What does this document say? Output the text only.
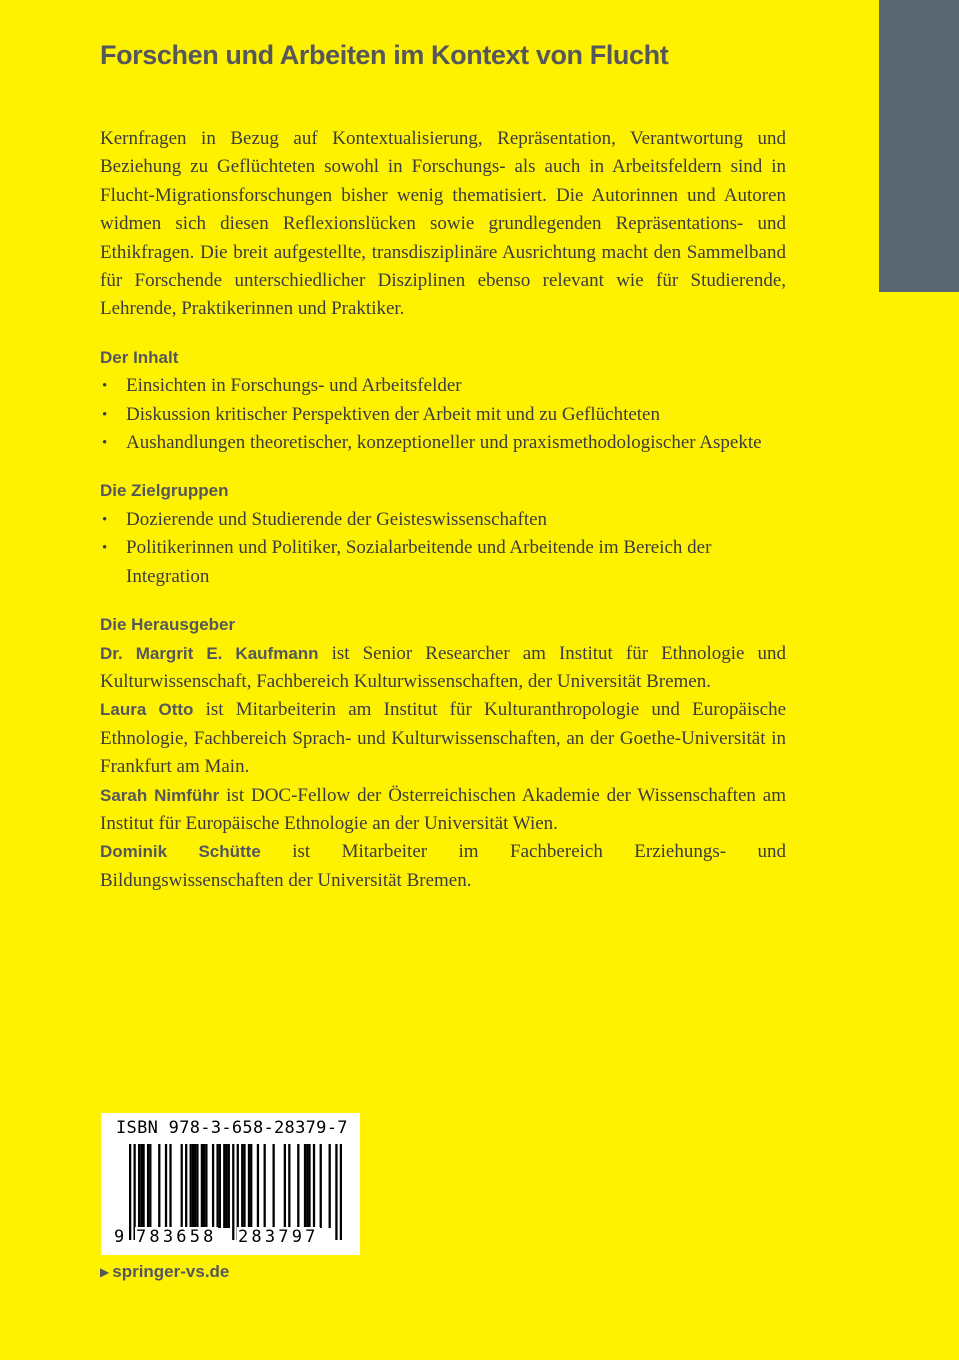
Forschen und Arbeiten im Kontext von Flucht

Kernfragen in Bezug auf Kontextualisierung, Repräsentation, Verantwortung und Beziehung zu Geflüchteten sowohl in Forschungs- als auch in Arbeitsfeldern sind in Flucht-Migrationsforschungen bisher wenig thematisiert. Die Autorinnen und Autoren widmen sich diesen Reflexionslücken sowie grundlegenden Repräsentations- und Ethikfragen. Die breit aufgestellte, transdisziplinäre Ausrichtung macht den Sammelband für Forschende unterschiedlicher Disziplinen ebenso relevant wie für Studierende, Lehrende, Praktikerinnen und Praktiker.

Der Inhalt
• Einsichten in Forschungs- und Arbeitsfelder
• Diskussion kritischer Perspektiven der Arbeit mit und zu Geflüchteten
• Aushandlungen theoretischer, konzeptioneller und praxismethodologischer Aspekte
Die Zielgruppen
• Dozierende und Studierende der Geisteswissenschaften
• Politikerinnen und Politiker, Sozialarbeitende und Arbeitende im Bereich der Integration
Die Herausgeber

Dr. Margrit E. Kaufmann ist Senior Researcher am Institut für Ethnologie und Kulturwissenschaft, Fachbereich Kulturwissenschaften, der Universität Bremen.

Laura Otto ist Mitarbeiterin am Institut für Kulturanthropologie und Europäische Ethnologie, Fachbereich Sprach- und Kulturwissenschaften, an der Goethe-Universität in Frankfurt am Main.

Sarah Nimführ ist DOC-Fellow der Österreichischen Akademie der Wissenschaften am Institut für Europäische Ethnologie an der Universität Wien.

Dominik Schütte ist Mitarbeiter im Fachbereich Erziehungs- und Bildungswissenschaften der Universität Bremen.

ISBN 978-3-658-28379-7
9 783658 283797
▶ springer-vs.de
